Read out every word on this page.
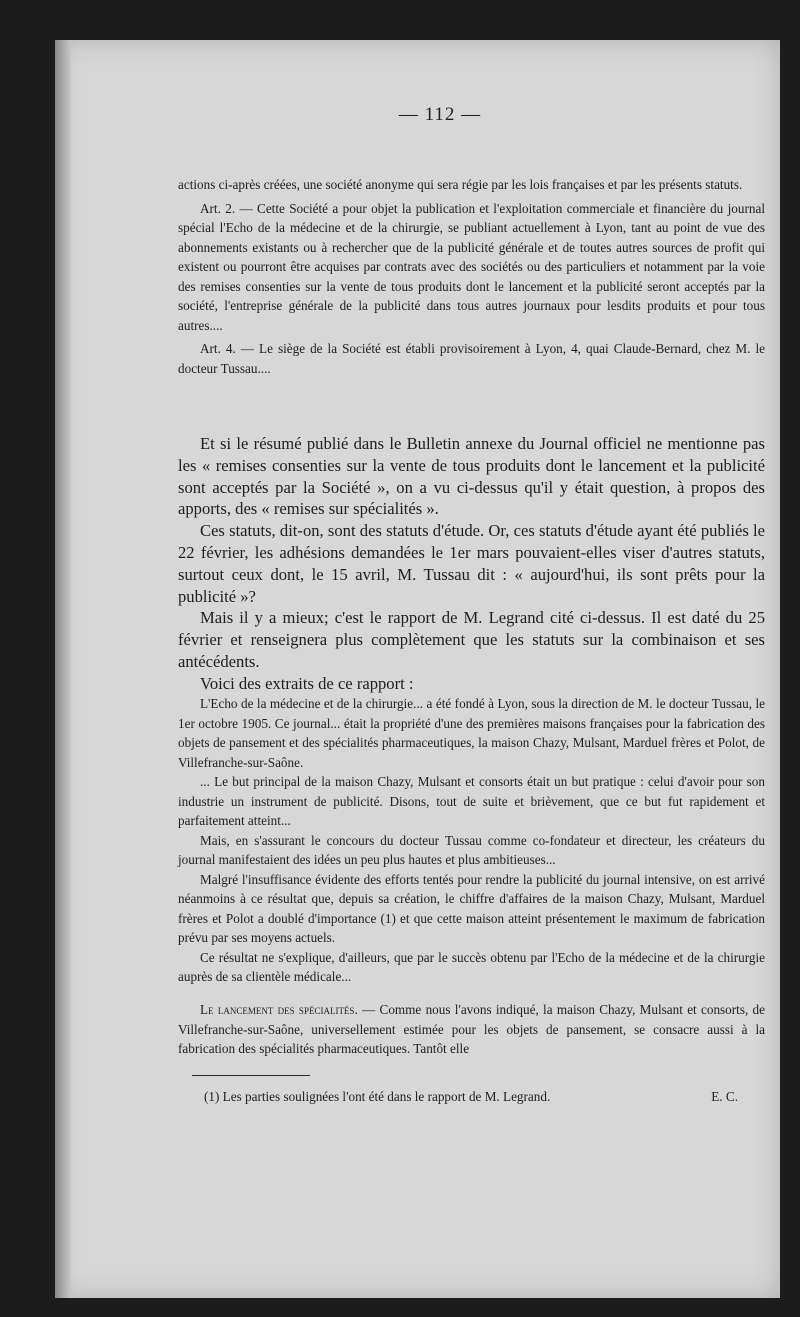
— 112 —

actions ci-après créées, une société anonyme qui sera régie par les lois françaises et par les présents statuts.

Art. 2. — Cette Société a pour objet la publication et l'exploitation commerciale et financière du journal spécial l'Echo de la médecine et de la chirurgie, se publiant actuellement à Lyon, tant au point de vue des abonnements existants ou à rechercher que de la publicité générale et de toutes autres sources de profit qui existent ou pourront être acquises par contrats avec des sociétés ou des particuliers et notamment par la voie des remises consenties sur la vente de tous produits dont le lancement et la publicité seront acceptés par la société, l'entreprise générale de la publicité dans tous autres journaux pour lesdits produits et pour tous autres....

Art. 4. — Le siège de la Société est établi provisoirement à Lyon, 4, quai Claude-Bernard, chez M. le docteur Tussau....

Et si le résumé publié dans le Bulletin annexe du Journal officiel ne mentionne pas les « remises consenties sur la vente de tous produits dont le lancement et la publicité sont acceptés par la Société », on a vu ci-dessus qu'il y était question, à propos des apports, des « remises sur spécialités ».

Ces statuts, dit-on, sont des statuts d'étude. Or, ces statuts d'étude ayant été publiés le 22 février, les adhésions demandées le 1er mars pouvaient-elles viser d'autres statuts, surtout ceux dont, le 15 avril, M. Tussau dit : « aujourd'hui, ils sont prêts pour la publicité »?

Mais il y a mieux; c'est le rapport de M. Legrand cité ci-dessus. Il est daté du 25 février et renseignera plus complètement que les statuts sur la combinaison et ses antécédents.

Voici des extraits de ce rapport :

L'Echo de la médecine et de la chirurgie... a été fondé à Lyon, sous la direction de M. le docteur Tussau, le 1er octobre 1905. Ce journal... était la propriété d'une des premières maisons françaises pour la fabrication des objets de pansement et des spécialités pharmaceutiques, la maison Chazy, Mulsant, Marduel frères et Polot, de Villefranche-sur-Saône.

... Le but principal de la maison Chazy, Mulsant et consorts était un but pratique : celui d'avoir pour son industrie un instrument de publicité. Disons, tout de suite et brièvement, que ce but fut rapidement et parfaitement atteint...

Mais, en s'assurant le concours du docteur Tussau comme co-fondateur et directeur, les créateurs du journal manifestaient des idées un peu plus hautes et plus ambitieuses...

Malgré l'insuffisance évidente des efforts tentés pour rendre la publicité du journal intensive, on est arrivé néanmoins à ce résultat que, depuis sa création, le chiffre d'affaires de la maison Chazy, Mulsant, Marduel frères et Polot a doublé d'importance (1) et que cette maison atteint présentement le maximum de fabrication prévu par ses moyens actuels.

Ce résultat ne s'explique, d'ailleurs, que par le succès obtenu par l'Echo de la médecine et de la chirurgie auprès de sa clientèle médicale...

Le lancement des spécialités. — Comme nous l'avons indiqué, la maison Chazy, Mulsant et consorts, de Villefranche-sur-Saône, universellement estimée pour les objets de pansement, se consacre aussi à la fabrication des spécialités pharmaceutiques. Tantôt elle

(1) Les parties soulignées l'ont été dans le rapport de M. Legrand.	E. C.
